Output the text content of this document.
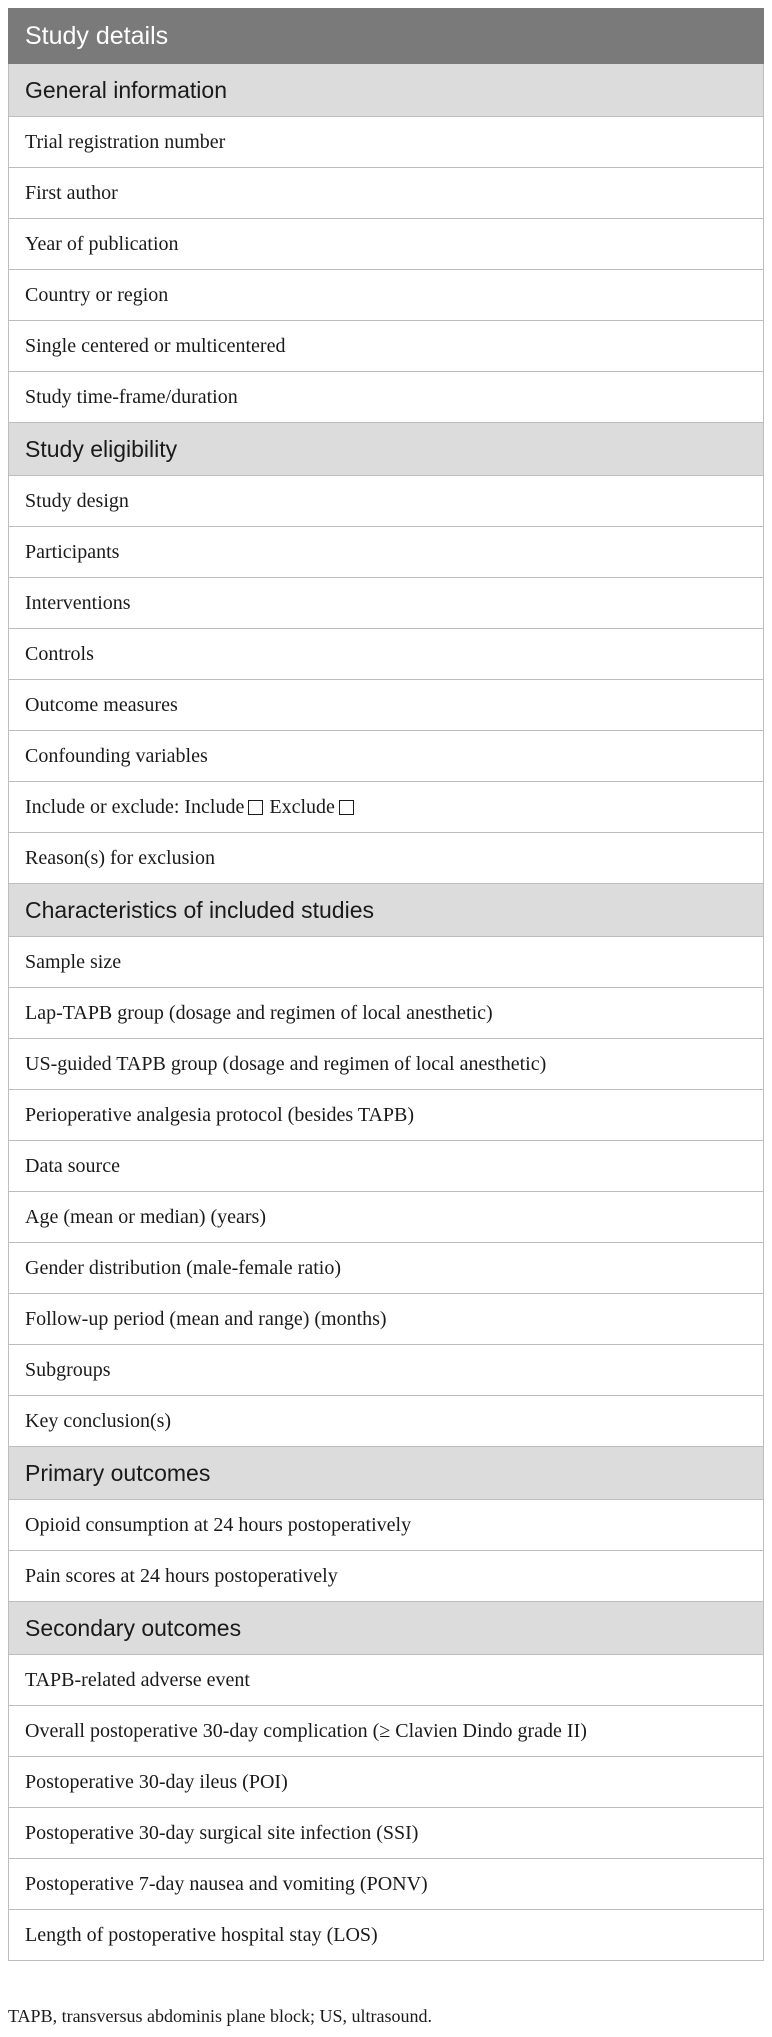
Study details
General information
Trial registration number
First author
Year of publication
Country or region
Single centered or multicentered
Study time-frame/duration
Study eligibility
Study design
Participants
Interventions
Controls
Outcome measures
Confounding variables
Include or exclude: Include Exclude
Reason(s) for exclusion
Characteristics of included studies
Sample size
Lap-TAPB group (dosage and regimen of local anesthetic)
US-guided TAPB group (dosage and regimen of local anesthetic)
Perioperative analgesia protocol (besides TAPB)
Data source
Age (mean or median) (years)
Gender distribution (male-female ratio)
Follow-up period (mean and range) (months)
Subgroups
Key conclusion(s)
Primary outcomes
Opioid consumption at 24 hours postoperatively
Pain scores at 24 hours postoperatively
Secondary outcomes
TAPB-related adverse event
Overall postoperative 30-day complication (≥ Clavien Dindo grade II)
Postoperative 30-day ileus (POI)
Postoperative 30-day surgical site infection (SSI)
Postoperative 7-day nausea and vomiting (PONV)
Length of postoperative hospital stay (LOS)
TAPB, transversus abdominis plane block; US, ultrasound.
